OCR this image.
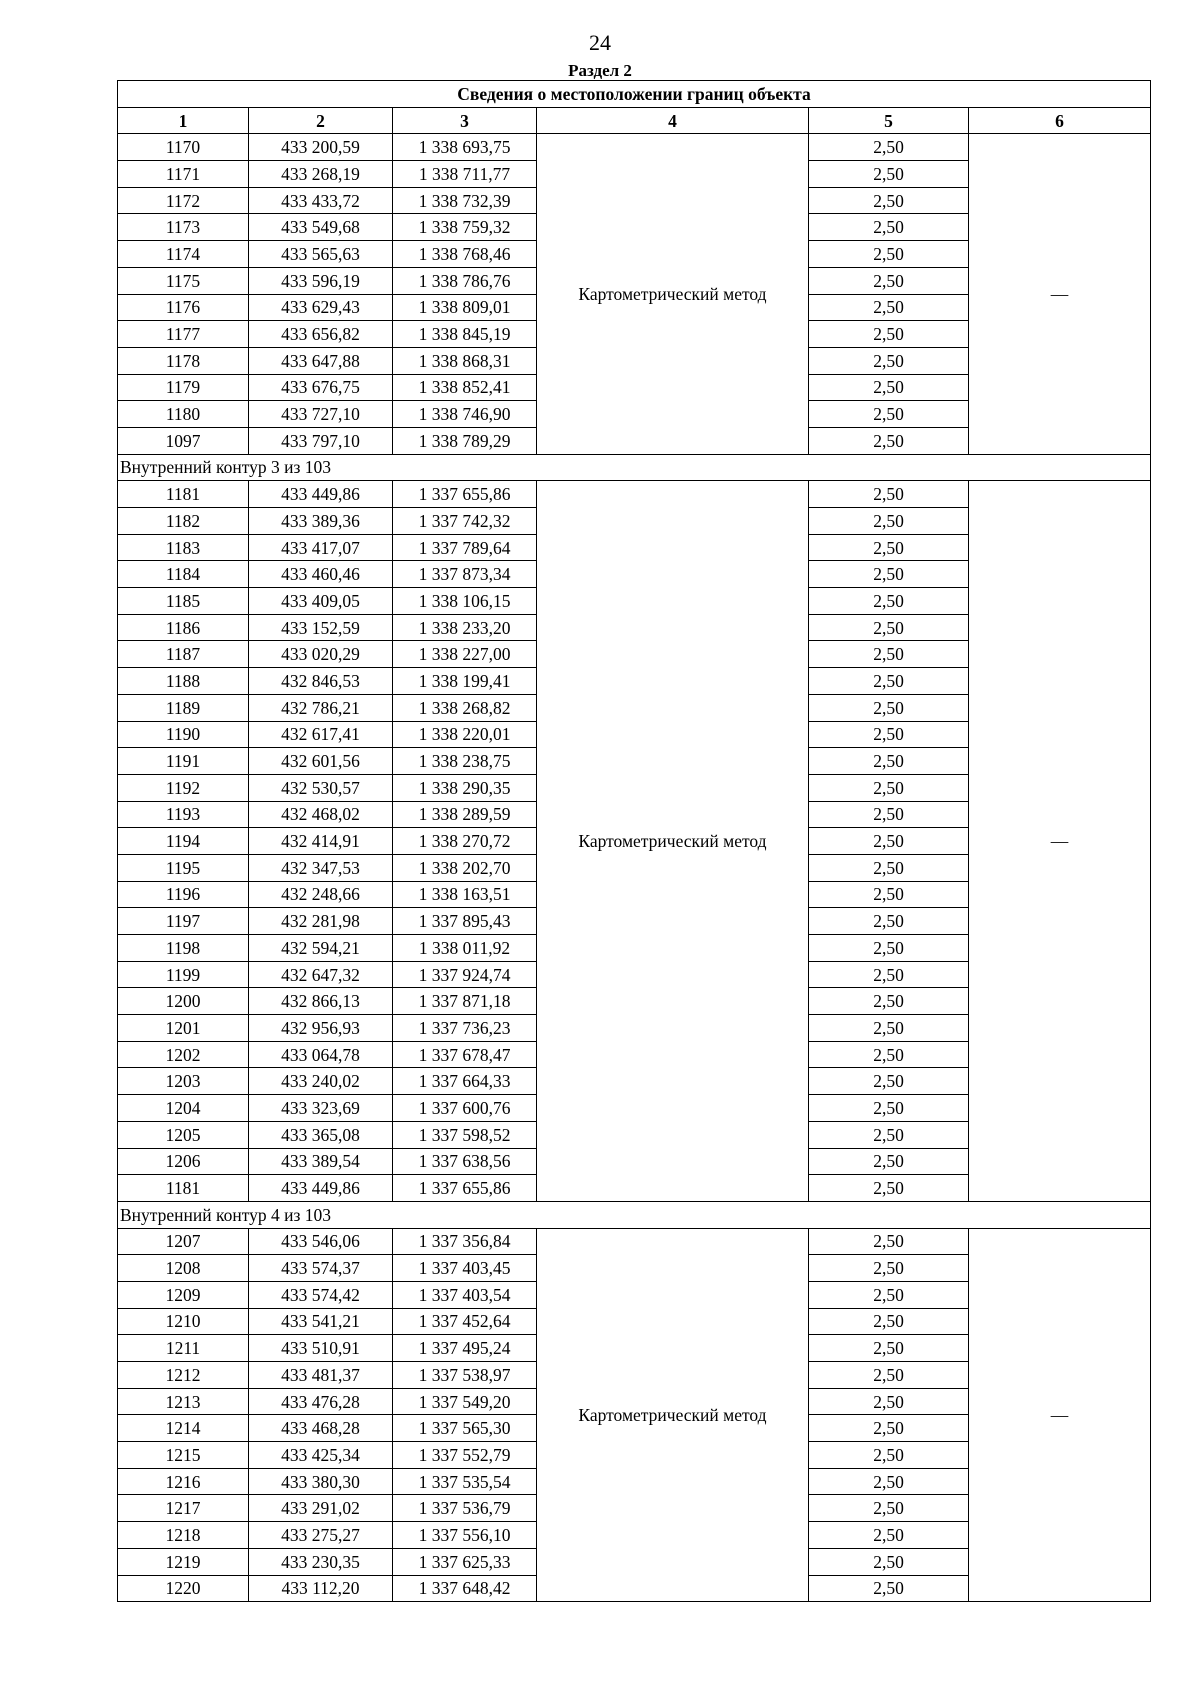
24
Раздел 2
Сведения о местоположении границ объекта					
1	2	3	4	5	6
1170	433 200,59	1 338 693,75	Картометрический метод	2,50	—
1171	433 268,19	1 338 711,77		2,50	
1172	433 433,72	1 338 732,39		2,50	
1173	433 549,68	1 338 759,32		2,50	
1174	433 565,63	1 338 768,46		2,50	
1175	433 596,19	1 338 786,76		2,50	
1176	433 629,43	1 338 809,01		2,50	
1177	433 656,82	1 338 845,19		2,50	
1178	433 647,88	1 338 868,31		2,50	
1179	433 676,75	1 338 852,41		2,50	
1180	433 727,10	1 338 746,90		2,50	
1097	433 797,10	1 338 789,29		2,50	
Внутренний контур 3 из 103					
1181	433 449,86	1 337 655,86	Картометрический метод	2,50	—
1182	433 389,36	1 337 742,32		2,50	
1183	433 417,07	1 337 789,64		2,50	
1184	433 460,46	1 337 873,34		2,50	
1185	433 409,05	1 338 106,15		2,50	
1186	433 152,59	1 338 233,20		2,50	
1187	433 020,29	1 338 227,00		2,50	
1188	432 846,53	1 338 199,41		2,50	
1189	432 786,21	1 338 268,82		2,50	
1190	432 617,41	1 338 220,01		2,50	
1191	432 601,56	1 338 238,75		2,50	
1192	432 530,57	1 338 290,35		2,50	
1193	432 468,02	1 338 289,59		2,50	
1194	432 414,91	1 338 270,72		2,50	
1195	432 347,53	1 338 202,70		2,50	
1196	432 248,66	1 338 163,51		2,50	
1197	432 281,98	1 337 895,43		2,50	
1198	432 594,21	1 338 011,92		2,50	
1199	432 647,32	1 337 924,74		2,50	
1200	432 866,13	1 337 871,18		2,50	
1201	432 956,93	1 337 736,23		2,50	
1202	433 064,78	1 337 678,47		2,50	
1203	433 240,02	1 337 664,33		2,50	
1204	433 323,69	1 337 600,76		2,50	
1205	433 365,08	1 337 598,52		2,50	
1206	433 389,54	1 337 638,56		2,50	
1181	433 449,86	1 337 655,86		2,50	
Внутренний контур 4 из 103					
1207	433 546,06	1 337 356,84	Картометрический метод	2,50	—
1208	433 574,37	1 337 403,45		2,50	
1209	433 574,42	1 337 403,54		2,50	
1210	433 541,21	1 337 452,64		2,50	
1211	433 510,91	1 337 495,24		2,50	
1212	433 481,37	1 337 538,97		2,50	
1213	433 476,28	1 337 549,20		2,50	
1214	433 468,28	1 337 565,30		2,50	
1215	433 425,34	1 337 552,79		2,50	
1216	433 380,30	1 337 535,54		2,50	
1217	433 291,02	1 337 536,79		2,50	
1218	433 275,27	1 337 556,10		2,50	
1219	433 230,35	1 337 625,33		2,50	
1220	433 112,20	1 337 648,42		2,50	
